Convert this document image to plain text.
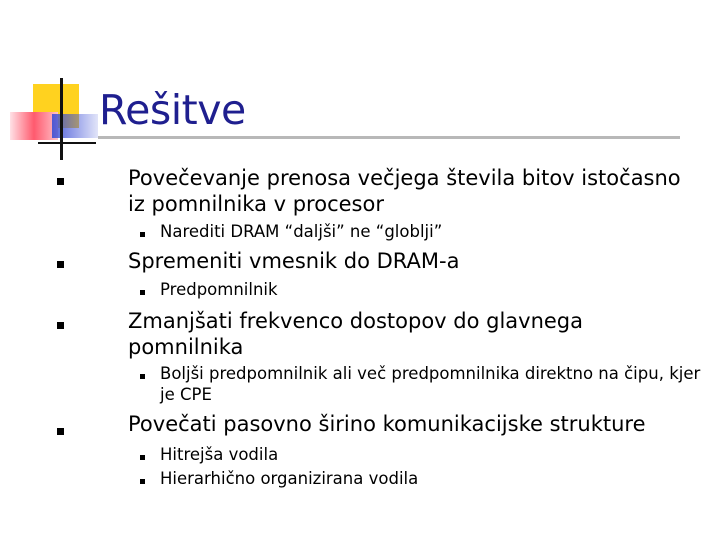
Rešitve
Povečevanje prenosa večjega števila bitov istočasno iz pomnilnika v procesor
Narediti DRAM “daljši” ne “globlji”
Spremeniti vmesnik do DRAM-a
Predpomnilnik
Zmanjšati frekvenco dostopov do glavnega pomnilnika
Boljši predpomnilnik ali več predpomnilnika direktno na čipu, kjer je CPE
Povečati pasovno širino komunikacijske strukture
Hitrejša vodila
Hierarhično organizirana vodila
